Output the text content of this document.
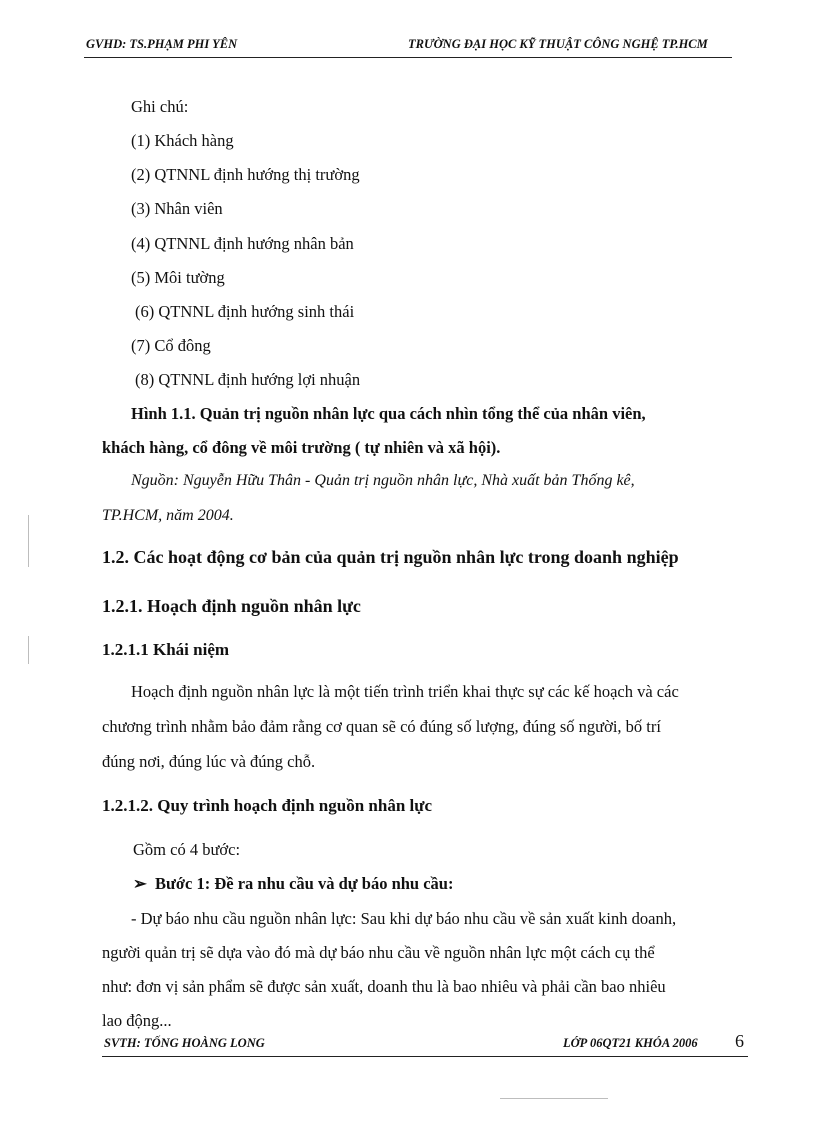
GVHD: TS.PHẠM PHI YÊN	TRƯỜNG ĐẠI HỌC KỸ THUẬT CÔNG NGHỆ TP.HCM
Ghi chú:
(1) Khách hàng
(2) QTNNL định hướng thị trường
(3) Nhân viên
(4) QTNNL định hướng nhân bản
(5) Môi tường
(6) QTNNL định hướng sinh thái
(7) Cổ đông
(8) QTNNL định hướng lợi nhuận
Hình 1.1. Quản trị nguồn nhân lực qua cách nhìn tổng thể của nhân viên,
khách hàng, cổ đông về môi trường ( tự nhiên và xã hội).
Nguồn: Nguyễn Hữu Thân - Quản trị nguồn nhân lực, Nhà xuất bản Thống kê,
TP.HCM, năm 2004.
1.2. Các hoạt động cơ bản của quản trị nguồn nhân lực trong doanh nghiệp
1.2.1. Hoạch định nguồn nhân lực
1.2.1.1 Khái niệm
Hoạch định nguồn nhân lực là một tiến trình triển khai thực sự các kế hoạch và các
chương trình nhằm bảo đảm rằng cơ quan sẽ có đúng số lượng, đúng số người, bố trí
đúng nơi, đúng lúc và đúng chỗ.
1.2.1.2. Quy trình hoạch định nguồn nhân lực
Gồm có 4 bước:
➢ Bước 1: Đề ra nhu cầu và dự báo nhu cầu:
- Dự báo nhu cầu nguồn nhân lực: Sau khi dự báo nhu cầu về sản xuất kinh doanh,
người quản trị sẽ dựa vào đó mà dự báo nhu cầu về nguồn nhân lực một cách cụ thể
như: đơn vị sản phẩm sẽ được sản xuất, doanh thu là bao nhiêu và phải cần bao nhiêu
lao động...
SVTH: TỐNG HOÀNG LONG	LỚP 06QT21 KHÓA 2006 6
